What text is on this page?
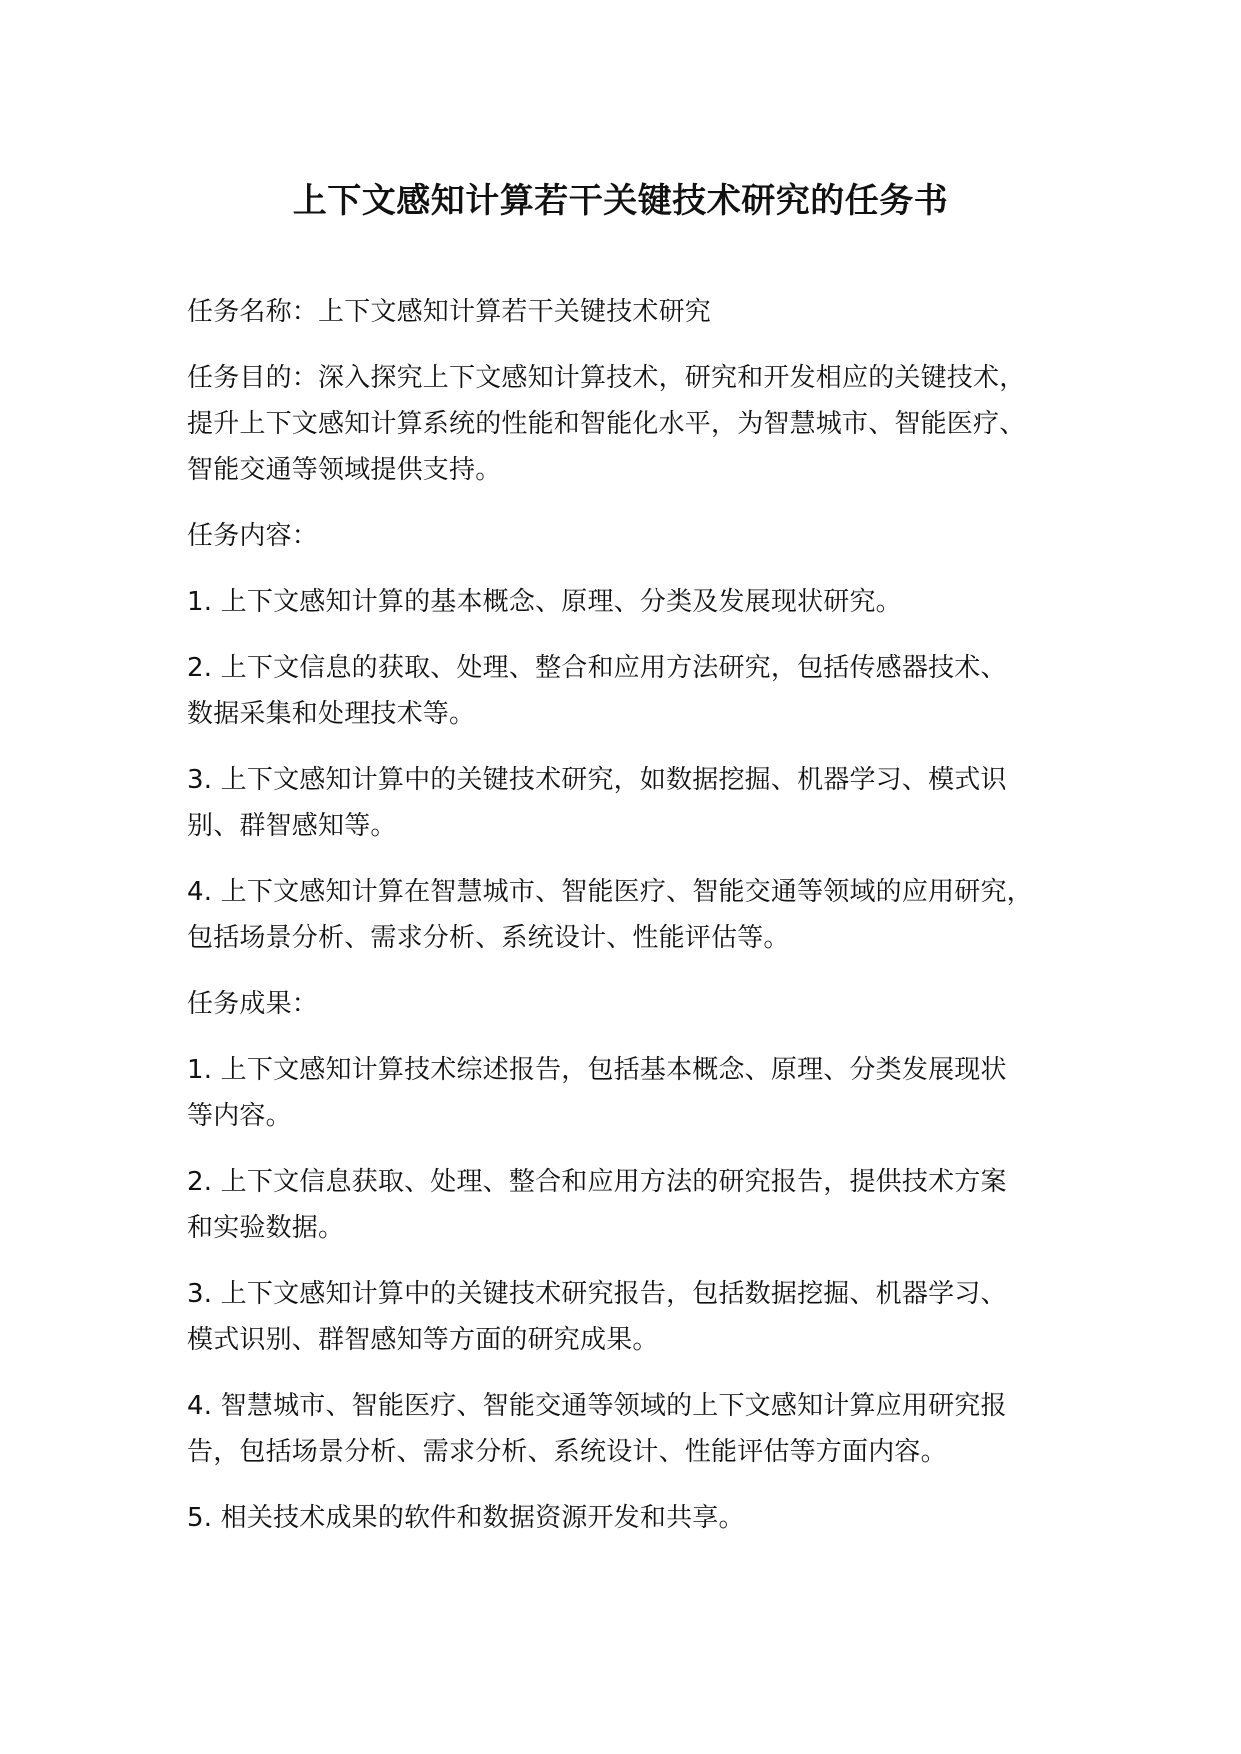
上下文感知计算若干关键技术研究的任务书

任务名称：上下文感知计算若干关键技术研究

任务目的：深入探究上下文感知计算技术，研究和开发相应的关键技术，
提升上下文感知计算系统的性能和智能化水平，为智慧城市、智能医疗、
智能交通等领域提供支持。

任务内容：

1. 上下文感知计算的基本概念、原理、分类及发展现状研究。

2. 上下文信息的获取、处理、整合和应用方法研究，包括传感器技术、
数据采集和处理技术等。

3. 上下文感知计算中的关键技术研究，如数据挖掘、机器学习、模式识
别、群智感知等。

4. 上下文感知计算在智慧城市、智能医疗、智能交通等领域的应用研究，
包括场景分析、需求分析、系统设计、性能评估等。

任务成果：

1. 上下文感知计算技术综述报告，包括基本概念、原理、分类发展现状
等内容。

2. 上下文信息获取、处理、整合和应用方法的研究报告，提供技术方案
和实验数据。

3. 上下文感知计算中的关键技术研究报告，包括数据挖掘、机器学习、
模式识别、群智感知等方面的研究成果。

4. 智慧城市、智能医疗、智能交通等领域的上下文感知计算应用研究报
告，包括场景分析、需求分析、系统设计、性能评估等方面内容。

5. 相关技术成果的软件和数据资源开发和共享。
